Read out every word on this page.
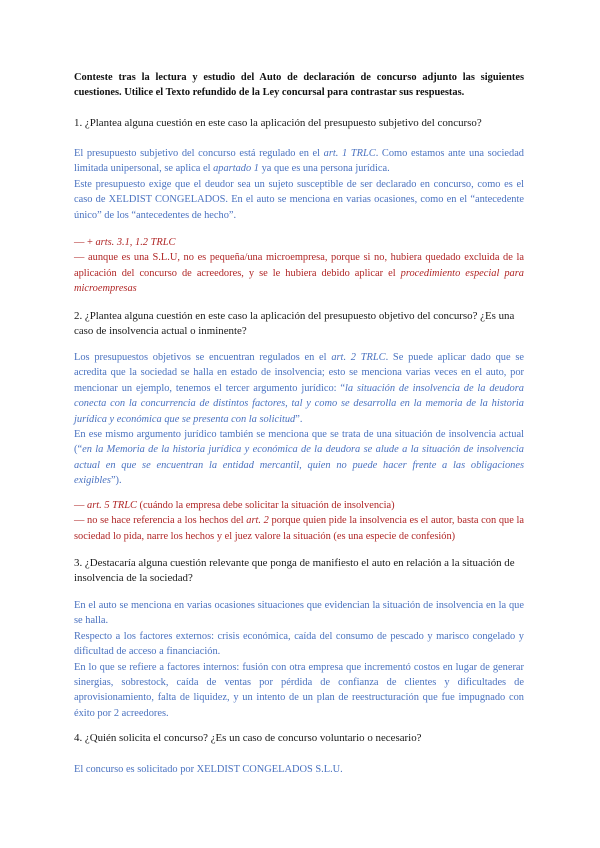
Conteste tras la lectura y estudio del Auto de declaración de concurso adjunto las siguientes cuestiones. Utilice el Texto refundido de la Ley concursal para contrastar sus respuestas.

1. ¿Plantea alguna cuestión en este caso la aplicación del presupuesto subjetivo del concurso?

El presupuesto subjetivo del concurso está regulado en el art. 1 TRLC. Como estamos ante una sociedad limitada unipersonal, se aplica el apartado 1 ya que es una persona jurídica.

Este presupuesto exige que el deudor sea un sujeto susceptible de ser declarado en concurso, como es el caso de XELDIST CONGELADOS. En el auto se menciona en varias ocasiones, como en el “antecedente único” de los “antecedentes de hecho”.

— + arts. 3.1, 1.2 TRLC

— aunque es una S.L.U, no es pequeña/una microempresa, porque si no, hubiera quedado excluida de la aplicación del concurso de acreedores, y se le hubiera debido aplicar el procedimiento especial para microempresas

2. ¿Plantea alguna cuestión en este caso la aplicación del presupuesto objetivo del concurso? ¿Es una caso de insolvencia actual o inminente?

Los presupuestos objetivos se encuentran regulados en el art. 2 TRLC. Se puede aplicar dado que se acredita que la sociedad se halla en estado de insolvencia; esto se menciona varias veces en el auto, por mencionar un ejemplo, tenemos el tercer argumento jurídico: “la situación de insolvencia de la deudora conecta con la concurrencia de distintos factores, tal y como se desarrolla en la memoria de la historia jurídica y económica que se presenta con la solicitud”.

En ese mismo argumento jurídico también se menciona que se trata de una situación de insolvencia actual (“en la Memoria de la historia jurídica y económica de la deudora se alude a la situación de insolvencia actual en que se encuentran la entidad mercantil, quien no puede hacer frente a las obligaciones exigibles”).

— art. 5 TRLC (cuándo la empresa debe solicitar la situación de insolvencia)

— no se hace referencia a los hechos del art. 2 porque quien pide la insolvencia es el autor, basta con que la sociedad lo pida, narre los hechos y el juez valore la situación (es una especie de confesión)

3. ¿Destacaría alguna cuestión relevante que ponga de manifiesto el auto en relación a la situación de insolvencia de la sociedad?

En el auto se menciona en varias ocasiones situaciones que evidencian la situación de insolvencia en la que se halla.

Respecto a los factores externos: crisis económica, caída del consumo de pescado y marisco congelado y dificultad de acceso a financiación.

En lo que se refiere a factores internos: fusión con otra empresa que incrementó costos en lugar de generar sinergias, sobrestock, caída de ventas por pérdida de confianza de clientes y dificultades de aprovisionamiento, falta de liquidez, y un intento de un plan de reestructuración que fue impugnado con éxito por 2 acreedores.

4. ¿Quién solicita el concurso? ¿Es un caso de concurso voluntario o necesario?

El concurso es solicitado por XELDIST CONGELADOS S.L.U.
